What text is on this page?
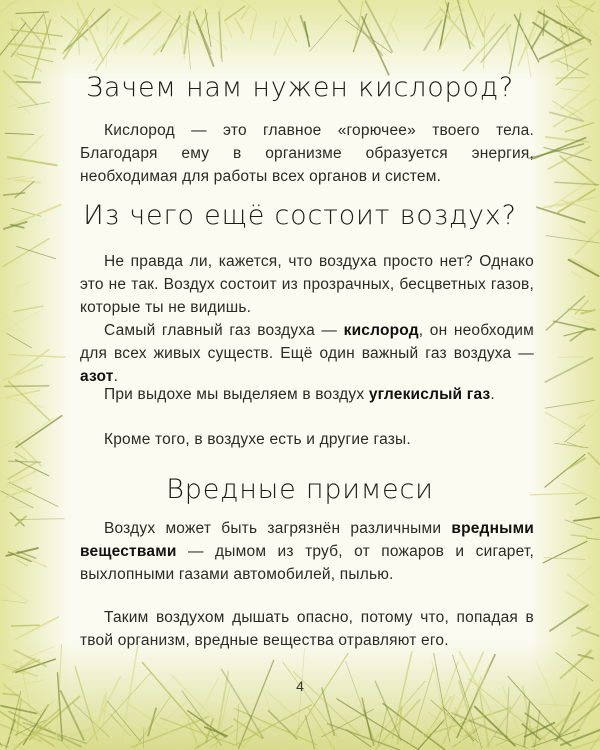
Зачем нам нужен кислород?

Кислород — это главное «горючее» твоего тела. Благодаря ему в организме образуется энергия, необходимая для работы всех органов и систем.

Из чего ещё состоит воздух?

Не правда ли, кажется, что воздуха просто нет? Однако это не так. Воздух состоит из прозрачных, бесцветных газов, которые ты не видишь.

Самый главный газ воздуха — кислород, он необходим для всех живых существ. Ещё один важный газ воздуха — азот.

При выдохе мы выделяем в воздух углекислый газ.

Кроме того, в воздухе есть и другие газы.

Вредные примеси

Воздух может быть загрязнён различными вредными веществами — дымом из труб, от пожаров и сигарет, выхлопными газами автомобилей, пылью.

Таким воздухом дышать опасно, потому что, попадая в твой организм, вредные вещества отравляют его.

4
